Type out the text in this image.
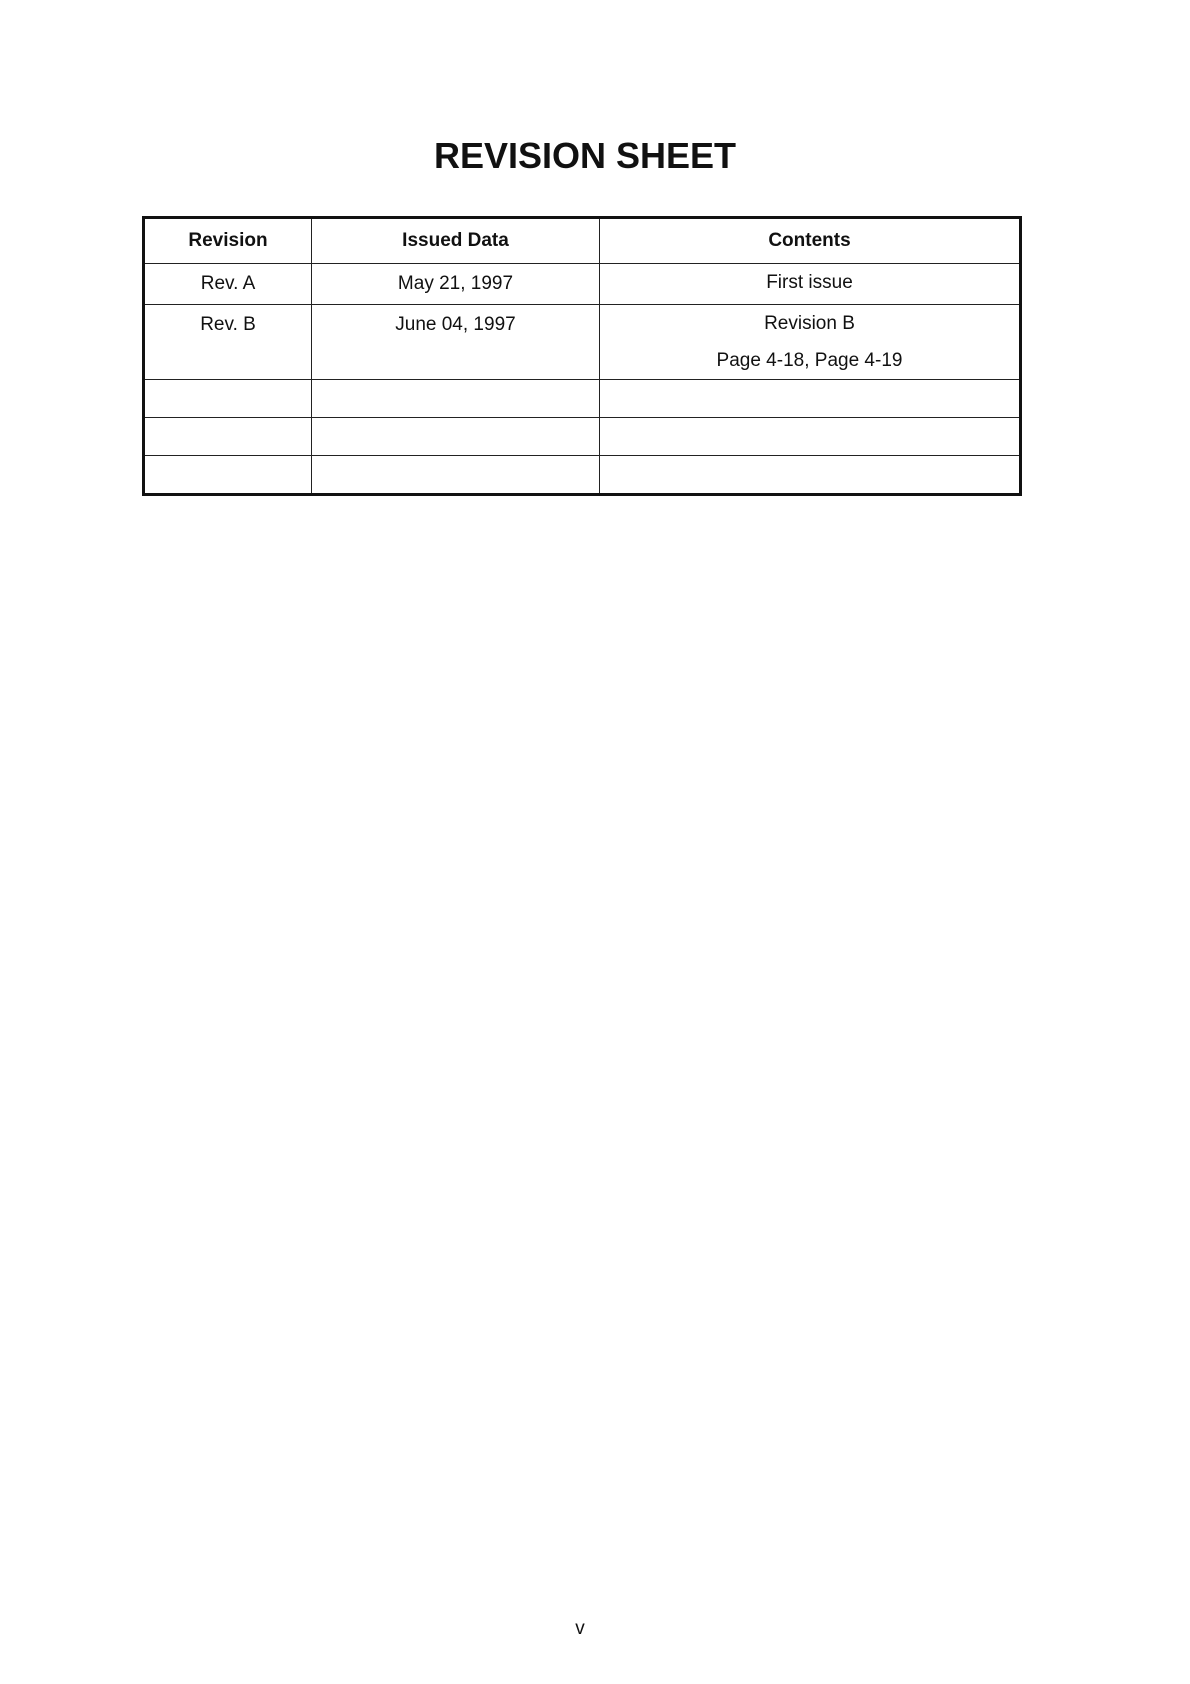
REVISION SHEET
Revision	Issued Data	Contents
Rev. A	May 21, 1997	First issue

Rev. B	June 04, 1997	Revision B
Page 4-18, Page 4-19

v
